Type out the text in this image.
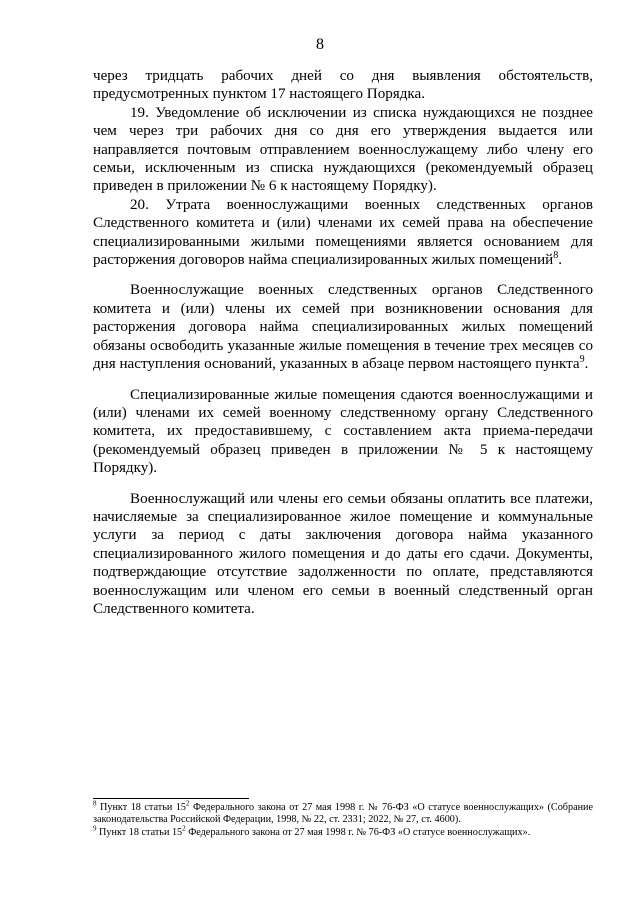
8

через тридцать рабочих дней со дня выявления обстоятельств, предусмотренных пунктом 17 настоящего Порядка.

19. Уведомление об исключении из списка нуждающихся не позднее чем через три рабочих дня со дня его утверждения выдается или направляется почтовым отправлением военнослужащему либо члену его семьи, исключенным из списка нуждающихся (рекомендуемый образец приведен в приложении № 6 к настоящему Порядку).

20. Утрата военнослужащими военных следственных органов Следственного комитета и (или) членами их семей права на обеспечение специализированными жилыми помещениями является основанием для расторжения договоров найма специализированных жилых помещений$^8$.

Военнослужащие военных следственных органов Следственного комитета и (или) члены их семей при возникновении основания для расторжения договора найма специализированных жилых помещений обязаны освободить указанные жилые помещения в течение трех месяцев со дня наступления оснований, указанных в абзаце первом настоящего пункта$^9$.

Специализированные жилые помещения сдаются военнослужащими и (или) членами их семей военному следственному органу Следственного комитета, их предоставившему, с составлением акта приема-передачи (рекомендуемый образец приведен в приложении № 5 к настоящему Порядку).

Военнослужащий или члены его семьи обязаны оплатить все платежи, начисляемые за специализированное жилое помещение и коммунальные услуги за период с даты заключения договора найма указанного специализированного жилого помещения и до даты его сдачи. Документы, подтверждающие отсутствие задолженности по оплате, представляются военнослужащим или членом его семьи в военный следственный орган Следственного комитета.

$^8$ Пункт 18 статьи $15^2$ Федерального закона от 27 мая 1998 г. № 76-ФЗ «О статусе военнослужащих» (Собрание законодательства Российской Федерации, 1998, № 22, ст. 2331; 2022, № 27, ст. 4600).

$^9$ Пункт 18 статьи $15^2$ Федерального закона от 27 мая 1998 г. № 76-ФЗ «О статусе военнослужащих».
